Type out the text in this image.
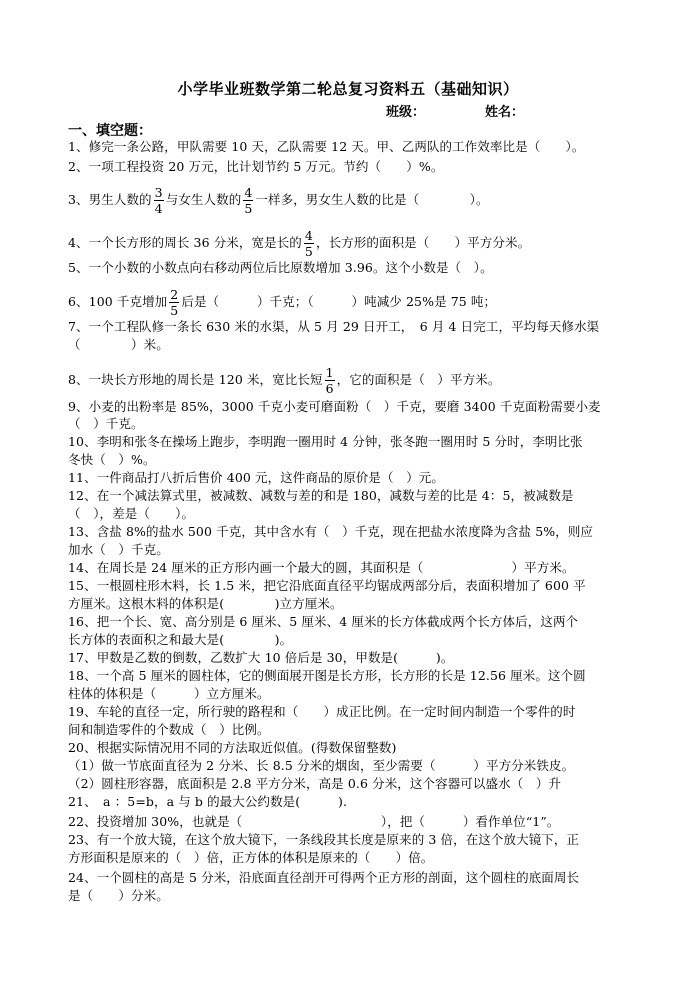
小学毕业班数学第二轮总复习资料五（基础知识）
班级：	姓名：
一、填空题：
1、修完一条公路，甲队需要 10 天，乙队需要 12 天。甲、乙两队的工作效率比是（　　）。
2、一项工程投资 20 万元，比计划节约 5 万元。节约（　　）%。
3、男生人数的 $\frac{3}{4}$ 与女生人数的 $\frac{4}{5}$ 一样多，男女生人数的比是（　　　　）。
4、一个长方形的周长 36 分米，宽是长的 $\frac{4}{5}$ ，长方形的面积是（　　）平方分米。
5、一个小数的小数点向右移动两位后比原数增加 3.96。这个小数是（　）。
6、100 千克增加 $\frac{2}{5}$ 后是（　　　）千克；（　　　）吨减少 25%是 75 吨；
7、一个工程队修一条长 630 米的水渠，从 5 月 29 日开工，　6 月 4 日完工，平均每天修水渠
（　　　　）米。
8、一块长方形地的周长是 120 米，宽比长短 $\frac{1}{6}$ ，它的面积是（　）平方米。
9、小麦的出粉率是 85%，3000 千克小麦可磨面粉（　）千克，要磨 3400 千克面粉需要小麦
（　）千克。
10、李明和张冬在操场上跑步，李明跑一圈用时 4 分钟，张冬跑一圈用时 5 分时，李明比张
冬快（　）%。
11、一件商品打八折后售价 400 元，这件商品的原价是（　）元。
12、在一个减法算式里，被减数、减数与差的和是 180，减数与差的比是 4：5，被减数是
（　），差是（　　）。
13、含盐 8%的盐水 500 千克，其中含水有（　）千克，现在把盐水浓度降为含盐 5%，则应
加水（　）千克。
14、在周长是 24 厘米的正方形内画一个最大的圆，其面积是（　　　　　　　）平方米。
15、一根圆柱形木料，长 1.5 米，把它沿底面直径平均锯成两部分后，表面积增加了 600 平
方厘米。这根木料的体积是(　　　　)立方厘米。
16、把一个长、宽、高分别是 6 厘米、5 厘米、4 厘米的长方体截成两个长方体后，这两个
长方体的表面积之和最大是(　　　　)。
17、甲数是乙数的倒数，乙数扩大 10 倍后是 30，甲数是(　　　)。
18、一个高 5 厘米的圆柱体，它的侧面展开图是长方形，长方形的长是 12.56 厘米。这个圆
柱体的体积是（　　　）立方厘米。
19、车轮的直径一定，所行驶的路程和（　　）成正比例。在一定时间内制造一个零件的时
间和制造零件的个数成（　）比例。
20、根据实际情况用不同的方法取近似值。(得数保留整数)
（1）做一节底面直径为 2 分米、长 8.5 分米的烟囱，至少需要（　　　）平方分米铁皮。
（2）圆柱形容器，底面积是 2.8 平方分米，高是 0.6 分米，这个容器可以盛水（　）升
21、　a ：5=b，a 与 b 的最大公约数是(　　　).
22、投资增加 30%，也就是（　　　　　　　　　　　），把（　　　）看作单位“1”。
23、有一个放大镜，在这个放大镜下，一条线段其长度是原来的 3 倍，在这个放大镜下，正
方形面积是原来的（　）倍，正方体的体积是原来的（　　）倍。
24、一个圆柱的高是 5 分米，沿底面直径剖开可得两个正方形的剖面，这个圆柱的底面周长
是（　　）分米。
